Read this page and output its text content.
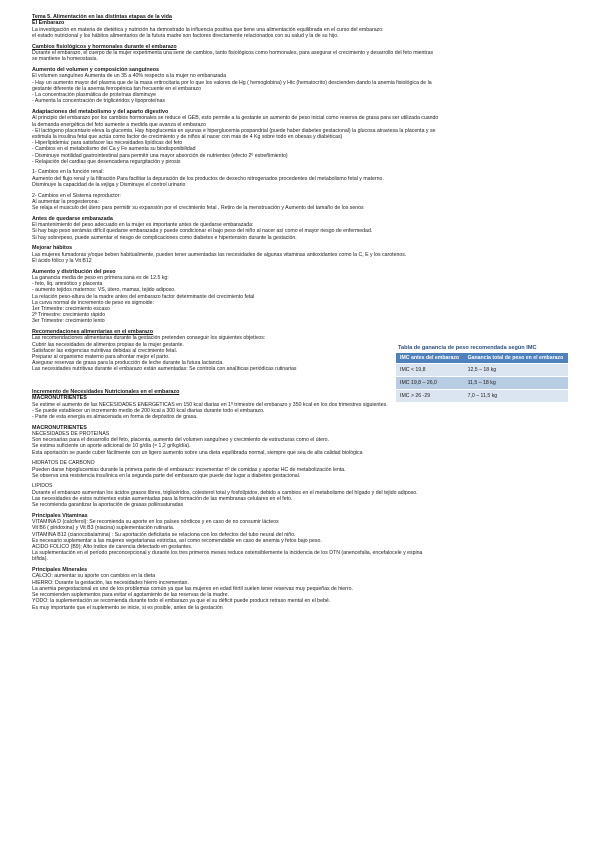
Tema 5. Alimentación en las distintas etapas de la vida
El Embarazo
La investigación en materia de dietética y nutrición ha demostrado la influencia positiva que tiene una alimentación equilibrada en el curso del embarazo:
el estado nutricional y los hábitos alimentarios de la futura madre son factores directamente relacionados con su salud y la de su hijo.
Cambios fisiológicos y hormonales durante el embarazo
Durante el embarazo, el cuerpo de la mujer experimenta una serie de cambios, tanto fisiológicos como hormonales, para asegurar el crecimiento y desarrollo del feto mientras
se mantiene la homeostasis.
Aumento del volumen y composición sanguíneos
El volumen sanguíneo Aumenta de un 35 a 40% respecto a la mujer no embarazada
- Hay un aumento mayor del plasma que de la masa eritrocitaria por lo que los valores de Hg ( hemoglobina) y Htc (hematocrito) descienden dando la anemia fisiológica de la
gestante diferente de la anemia ferropénica tan frecuente en el embarazo
- La concentración plasmática de proteínas disminuye
- Aumenta la concentración de triglicéridos y lipoproteínas
Adaptaciones del metabolismo y del aparto digestivo
Al principio del embarazo por los cambios hormonales se reduce el GEB, esto permite a la gestante un aumento de peso inicial como reserva de grasa para ser utilizada cuando
la demanda energética del feto aumente a medida que avanza el embarazo
- El lactógeno placentario eleva la glucemia. Hay hipoglucemia en ayunas e hiperglucemia pospandrial (puede haber diabetes gestacional) la glucosa atraviesa la placenta y se
estimula la insulina fetal que actúa como factor de crecimiento y de niños al nacer con mas de 4 Kg sobre todo en obesas y diabéticas)
- Hiperlipidemia: para satisfacer las necesidades lipídicas del feto
- Cambios en el metabolismo del Ca y Fe aumenta su biodisponibilidad
- Disminuye motilidad gastrointestinal para permitir una mayor absorción de nutrientes (efecto 2º estreñimiento)
- Relajación del cardias que desencadena regurgitación y pirosis
1- Cambios en la función renal:
Aumento del flujo renal y la filtración Para facilitar la depuración de los productos de desecho nitrogenados procedentes del metabolismo fetal y materno.
Disminuye la capacidad de la vejiga y Disminuye el control urinario
2- Cambios en el Sistema reproductor:
Al aumentar la progesterona:
Se relaja el musculo del útero para permitir su expansión por el crecimiento fetal , Retiro de la menstruación y Aumento del tamaño de los senos
Antes de quedarse embarazada
El mantenimiento del peso adecuado en la mujer es importante antes de quedarse embarazada:
Si hay bajo peso serámás difícil quedarse embarazada y puede condicionar el bajo peso del niño al nacer así como el mayor riesgo de enfermedad.
Si hay sobrepeso, puede aumentar el riesgo de complicaciones como diabetes e hipertensión durante la gestación.
Mejorar hábitos
Las mujeres fumadoras y/oque beben habitualmente, pueden tener aumentadas las necesidades de algunas vitaminas antioxidantes como la C, E y los carotenos.
El ácido fólico y la Vit B12
Aumento y distribución del peso
La ganancia media de peso en primera sana es de 12.5 kg:
- feto, líq. amniótico y placenta
- aumento tejidos maternos: VS, útero, mamas, tejido adiposo.
La relación peso-altura de la madre antes del embarazo factor determinante del crecimiento fetal
La curva normal de incremento de peso es sigmoide:
1er Trimestre: crecimiento escaso
2º Trimestre: crecimiento rápido
3er Trimestre: crecimiento lento
Recomendaciones alimentarias en el embarazo
Las recomendaciones alimentarias durante la gestación pretenden conseguir los siguientes objetivos:
Cubrir las necesidades de alimentos propias de la mujer gestante.
Satisfacer las exigencias nutritivas debidas al crecimiento fetal.
Preparar al organismo materno para afrontar mejor el parto.
Asegurar reservas de grasa para la producción de leche durante la futura lactancia.
Las necesidades nutritivas durante el embarazo están aumentadas: Se controla con analíticas periódicas rutinarias
Incremento de Necesidades Nutricionales en el embarazo
MACRONUTRIENTES
Se estime el aumento de las NECESIDADES ENERGÉTICAS en 150 kcal diarias en 1º trimestre del embarazo y 350 kcal en los dos trimestres siguientes.
- Se puede establecer un incremento medio de 200 kcal a 300 kcal diarias durante todo el embarazo.
- Parte de esta energía es almacenada en forma de depósitos de grasa.
MACRONUTRIENTES
NECESIDADES DE PROTEÍNAS
Son necesarias para el desarrollo del feto, placenta, aumento del volumen sanguíneo y crecimiento de estructuras como el útero.
Se estima suficiente un aporte adicional de 10 g/día (≈ 1,2 gr/kg/día).
Esta aportación se puede cubrir fácilmente con un ligero aumento sobre una dieta equilibrada normal, siempre que sea de alta calidad biológica
HIDRATOS DE CARBONO
Pueden darse hipoglucemias durante la primera parte de el embarazo: incrementar nº de comidas y aportar HC de metabolización lenta.
Se observa una resistencia insulínica en la segunda parte del embarazo que puede dar lugar a diabetes gestacional.
LIPIDOS
Durante el embarazo aumentan los ácidos grasos libres, triglicéridos, colesterol total y fosfolípidos, debido a cambios en el metabolismo del hígado y del tejido adiposo.
Las necesidades de estos nutrientes están aumentadas para la formación de las membranas celulares en el feto.
Se recomienda garantizar la aportación de grasas poliinsaturadas
Principales Vitaminas
VITAMINA D (calciferol): Se recomienda su aporte en los países nórdicos y en caso de no consumir lácteos
Vit B6 ( piridoxina) y Vit B3 (niacina) suplementación rutinaria.
VITAMINA B12 (cianocobalamina) : Su aportación deficitaria se relaciona con los defectos del tubo neural del niño.
Es necesario suplementar a las mujeres vegetarianas estrictas, así como recomendable en caso de anemia y fetos bajo peso.
ÁCIDO FÓLICO (B9): Alto índice de carencia detectado en gestantes.
La suplementación en el período preconcepcional y durante los tres primeros meses reduce ostensiblemente la incidencia de los DTN (anencefalia, encefalocele y espina
bífida).
Principales Minerales
CALCIO: aumentar su aporte con cambios en la dieta
HIERRO: Durante la gestación, las necesidades hierro incrementan.
La anemia pergestacional es uno de los problemas común ya que las mujeres en edad fértil suelen tener reservas muy pequeñas de hierro.
Se recomienden suplementos para evitar el agotamiento de las reservas de la madre.
YODO: la suplementación se recomienda durante todo el embarazo ya que el su déficit puede producir retraso mental en el bebé.
Es muy importante que el suplemento se inicie, si es posible, antes de la gestación
Tabla de ganancia de peso recomendada según IMC
IMC antes del embarazo	Ganancia total de peso en el embarazo
IMC < 19,8	12,5 – 18 kg
IMC 19,8 – 26,0	11,5 – 18 kg
IMC > 26 -29	7,0 – 11,5 kg
